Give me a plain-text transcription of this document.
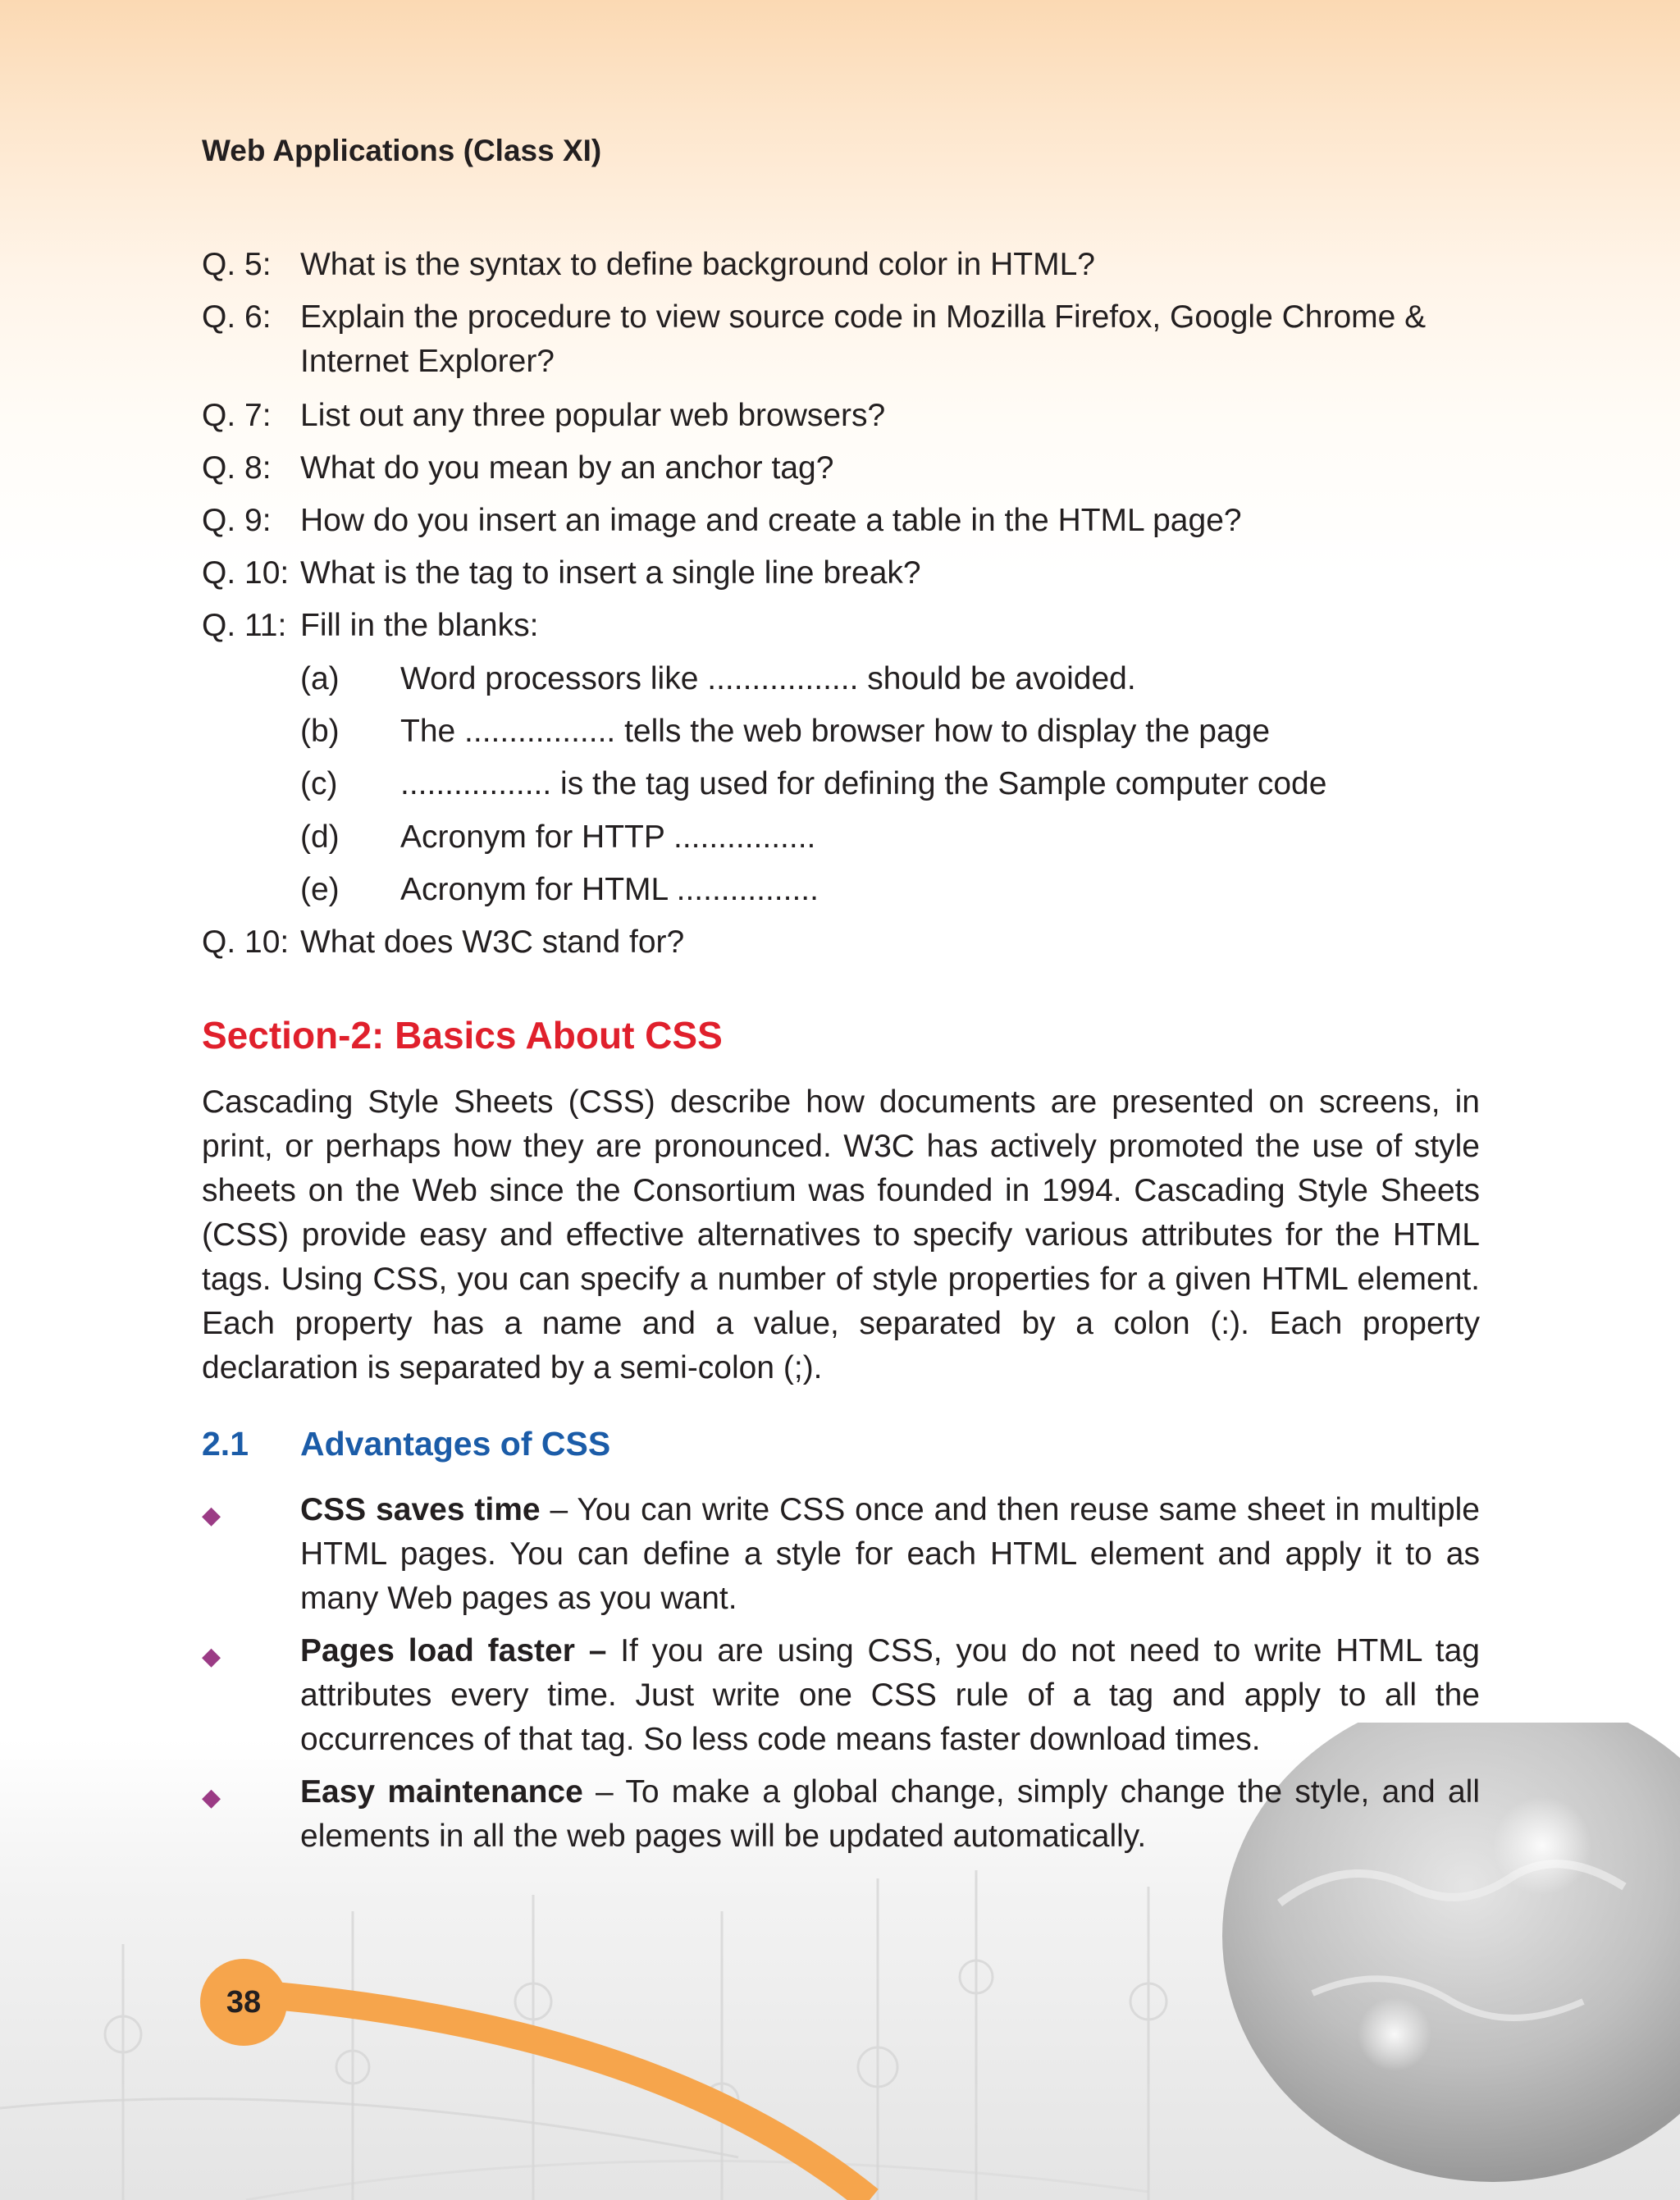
Web Applications (Class XI)
Q. 5: What is the syntax to define background color in HTML?
Q. 6: Explain the procedure to view source code in Mozilla Firefox, Google Chrome &
Internet Explorer?
Q. 7: List out any three popular web browsers?
Q. 8: What do you mean by an anchor tag?
Q. 9: How do you insert an image and create a table in the HTML page?
Q. 10: What is the tag to insert a single line break?
Q. 11: Fill in the blanks:
(a) Word processors like ................. should be avoided.
(b) The ................. tells the web browser how to display the page
(c) ................. is the tag used for defining the Sample computer code
(d) Acronym for HTTP ................
(e) Acronym for HTML ................
Q. 10: What does W3C stand for?
Section-2: Basics About CSS
Cascading Style Sheets (CSS) describe how documents are presented on screens, in print, or perhaps how they are pronounced. W3C has actively promoted the use of style sheets on the Web since the Consortium was founded in 1994. Cascading Style Sheets (CSS) provide easy and effective alternatives to specify various attributes for the HTML tags. Using CSS, you can specify a number of style properties for a given HTML element. Each property has a name and a value, separated by a colon (:). Each property declaration is separated by a semi-colon (;).
2.1 Advantages of CSS
◆ CSS saves time – You can write CSS once and then reuse same sheet in multiple HTML pages. You can define a style for each HTML element and apply it to as many Web pages as you want.
◆ Pages load faster – If you are using CSS, you do not need to write HTML tag attributes every time. Just write one CSS rule of a tag and apply to all the occurrences of that tag. So less code means faster download times.
◆ Easy maintenance – To make a global change, simply change the style, and all elements in all the web pages will be updated automatically.
38
